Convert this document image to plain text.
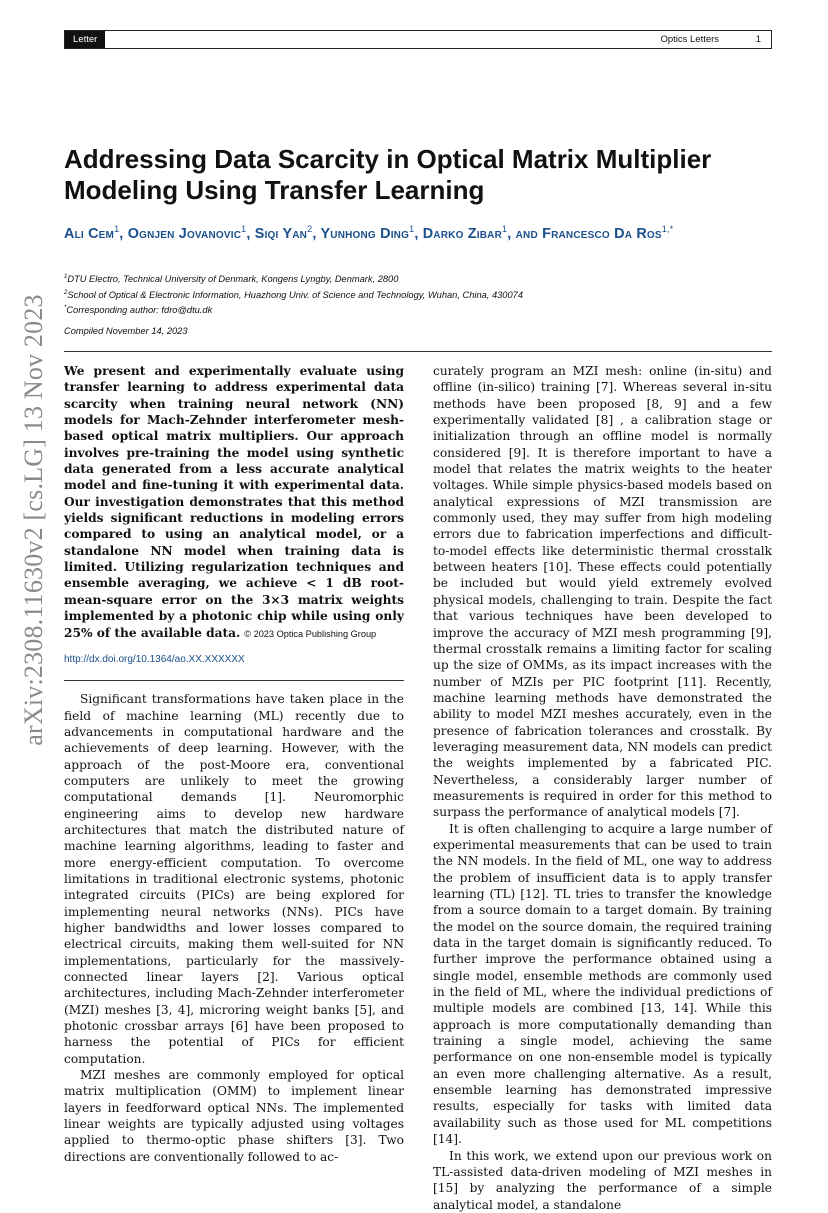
Letter	Optics Letters	1
arXiv:2308.11630v2 [cs.LG] 13 Nov 2023
Addressing Data Scarcity in Optical Matrix Multiplier Modeling Using Transfer Learning
Ali Cem$^1$, Ognjen Jovanovic$^1$, Siqi Yan$^2$, Yunhong Ding$^1$, Darko Zibar$^1$, and Francesco Da Ros$^{1,*}$
$^1$DTU Electro, Technical University of Denmark, Kongens Lyngby, Denmark, 2800
$^2$School of Optical & Electronic Information, Huazhong Univ. of Science and Technology, Wuhan, China, 430074
*Corresponding author: fdro@dtu.dk
Compiled November 14, 2023

We present and experimentally evaluate using transfer learning to address experimental data scarcity when training neural network (NN) models for Mach-Zehnder interferometer mesh-based optical matrix multipliers. Our approach involves pre-training the model using synthetic data generated from a less accurate analytical model and fine-tuning it with experimental data. Our investigation demonstrates that this method yields significant reductions in modeling errors compared to using an analytical model, or a standalone NN model when training data is limited. Utilizing regularization techniques and ensemble averaging, we achieve < 1 dB root-mean-square error on the 3×3 matrix weights implemented by a photonic chip while using only 25% of the available data. © 2023 Optica Publishing Group

http://dx.doi.org/10.1364/ao.XX.XXXXXX

Significant transformations have taken place in the field of machine learning (ML) recently due to advancements in computational hardware and the achievements of deep learning. However, with the approach of the post-Moore era, conventional computers are unlikely to meet the growing computational demands [1]. Neuromorphic engineering aims to develop new hardware architectures that match the distributed nature of machine learning algorithms, leading to faster and more energy-efficient computation. To overcome limitations in traditional electronic systems, photonic integrated circuits (PICs) are being explored for implementing neural networks (NNs). PICs have higher bandwidths and lower losses compared to electrical circuits, making them well-suited for NN implementations, particularly for the massively-connected linear layers [2]. Various optical architectures, including Mach-Zehnder interferometer (MZI) meshes [3, 4], microring weight banks [5], and photonic crossbar arrays [6] have been proposed to harness the potential of PICs for efficient computation.

MZI meshes are commonly employed for optical matrix multiplication (OMM) to implement linear layers in feedforward optical NNs. The implemented linear weights are typically adjusted using voltages applied to thermo-optic phase shifters [3]. Two directions are conventionally followed to ac-

curately program an MZI mesh: online (in-situ) and offline (in-silico) training [7]. Whereas several in-situ methods have been proposed [8, 9] and a few experimentally validated [8] , a calibration stage or initialization through an offline model is normally considered [9]. It is therefore important to have a model that relates the matrix weights to the heater voltages. While simple physics-based models based on analytical expressions of MZI transmission are commonly used, they may suffer from high modeling errors due to fabrication imperfections and difficult-to-model effects like deterministic thermal crosstalk between heaters [10]. These effects could potentially be included but would yield extremely evolved physical models, challenging to train. Despite the fact that various techniques have been developed to improve the accuracy of MZI mesh programming [9], thermal crosstalk remains a limiting factor for scaling up the size of OMMs, as its impact increases with the number of MZIs per PIC footprint [11]. Recently, machine learning methods have demonstrated the ability to model MZI meshes accurately, even in the presence of fabrication tolerances and crosstalk. By leveraging measurement data, NN models can predict the weights implemented by a fabricated PIC. Nevertheless, a considerably larger number of measurements is required in order for this method to surpass the performance of analytical models [7].

It is often challenging to acquire a large number of experimental measurements that can be used to train the NN models. In the field of ML, one way to address the problem of insufficient data is to apply transfer learning (TL) [12]. TL tries to transfer the knowledge from a source domain to a target domain. By training the model on the source domain, the required training data in the target domain is significantly reduced. To further improve the performance obtained using a single model, ensemble methods are commonly used in the field of ML, where the individual predictions of multiple models are combined [13, 14]. While this approach is more computationally demanding than training a single model, achieving the same performance on one non-ensemble model is typically an even more challenging alternative. As a result, ensemble learning has demonstrated impressive results, especially for tasks with limited data availability such as those used for ML competitions [14].

In this work, we extend upon our previous work on TL-assisted data-driven modeling of MZI meshes in [15] by analyzing the performance of a simple analytical model, a standalone
